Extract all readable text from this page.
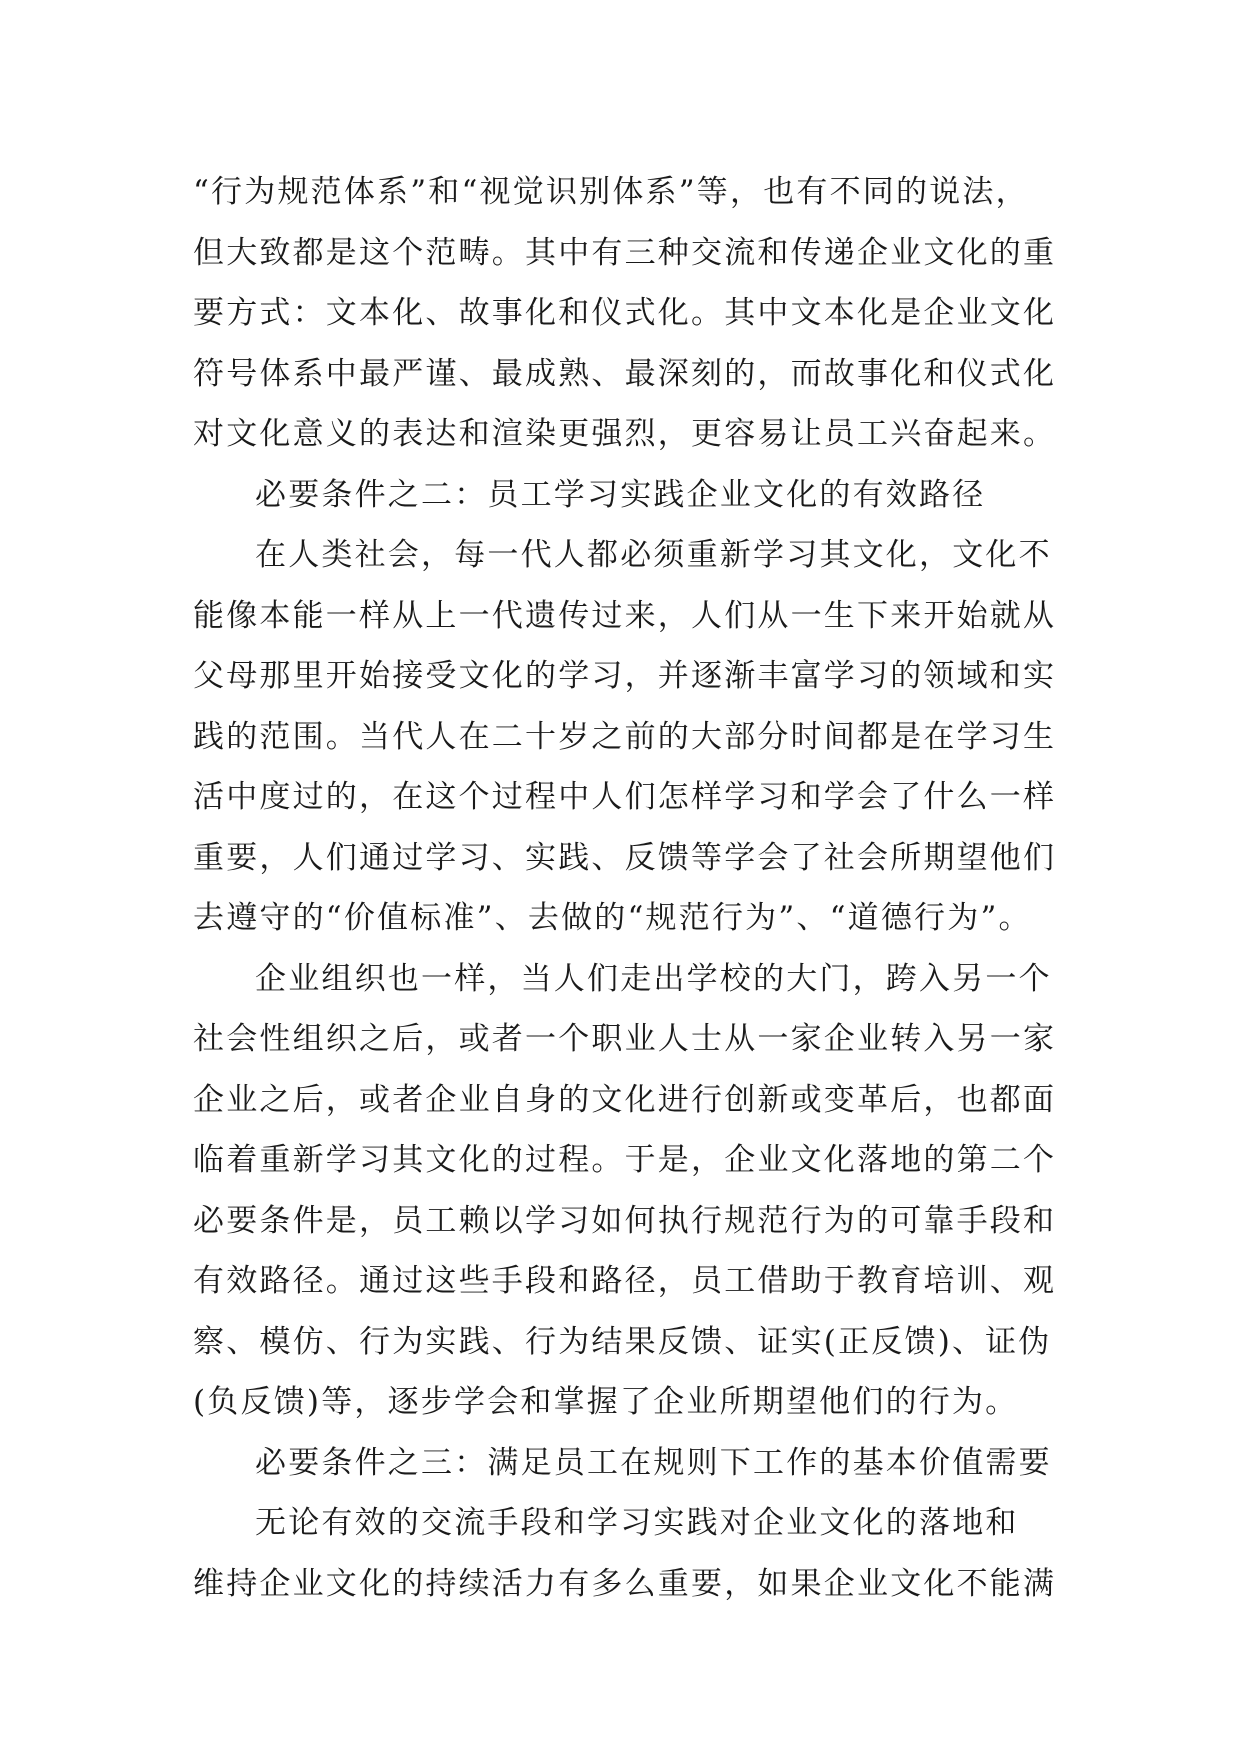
“行为规范体系”和“视觉识别体系”等，也有不同的说法，
但大致都是这个范畴。其中有三种交流和传递企业文化的重
要方式：文本化、故事化和仪式化。其中文本化是企业文化
符号体系中最严谨、最成熟、最深刻的，而故事化和仪式化
对文化意义的表达和渲染更强烈，更容易让员工兴奋起来。
必要条件之二：员工学习实践企业文化的有效路径
在人类社会，每一代人都必须重新学习其文化，文化不
能像本能一样从上一代遗传过来，人们从一生下来开始就从
父母那里开始接受文化的学习，并逐渐丰富学习的领域和实
践的范围。当代人在二十岁之前的大部分时间都是在学习生
活中度过的，在这个过程中人们怎样学习和学会了什么一样
重要，人们通过学习、实践、反馈等学会了社会所期望他们
去遵守的“价值标准”、去做的“规范行为”、“道德行为”。
企业组织也一样，当人们走出学校的大门，跨入另一个
社会性组织之后，或者一个职业人士从一家企业转入另一家
企业之后，或者企业自身的文化进行创新或变革后，也都面
临着重新学习其文化的过程。于是，企业文化落地的第二个
必要条件是，员工赖以学习如何执行规范行为的可靠手段和
有效路径。通过这些手段和路径，员工借助于教育培训、观
察、模仿、行为实践、行为结果反馈、证实(正反馈)、证伪
(负反馈)等，逐步学会和掌握了企业所期望他们的行为。
必要条件之三：满足员工在规则下工作的基本价值需要
无论有效的交流手段和学习实践对企业文化的落地和
维持企业文化的持续活力有多么重要，如果企业文化不能满
